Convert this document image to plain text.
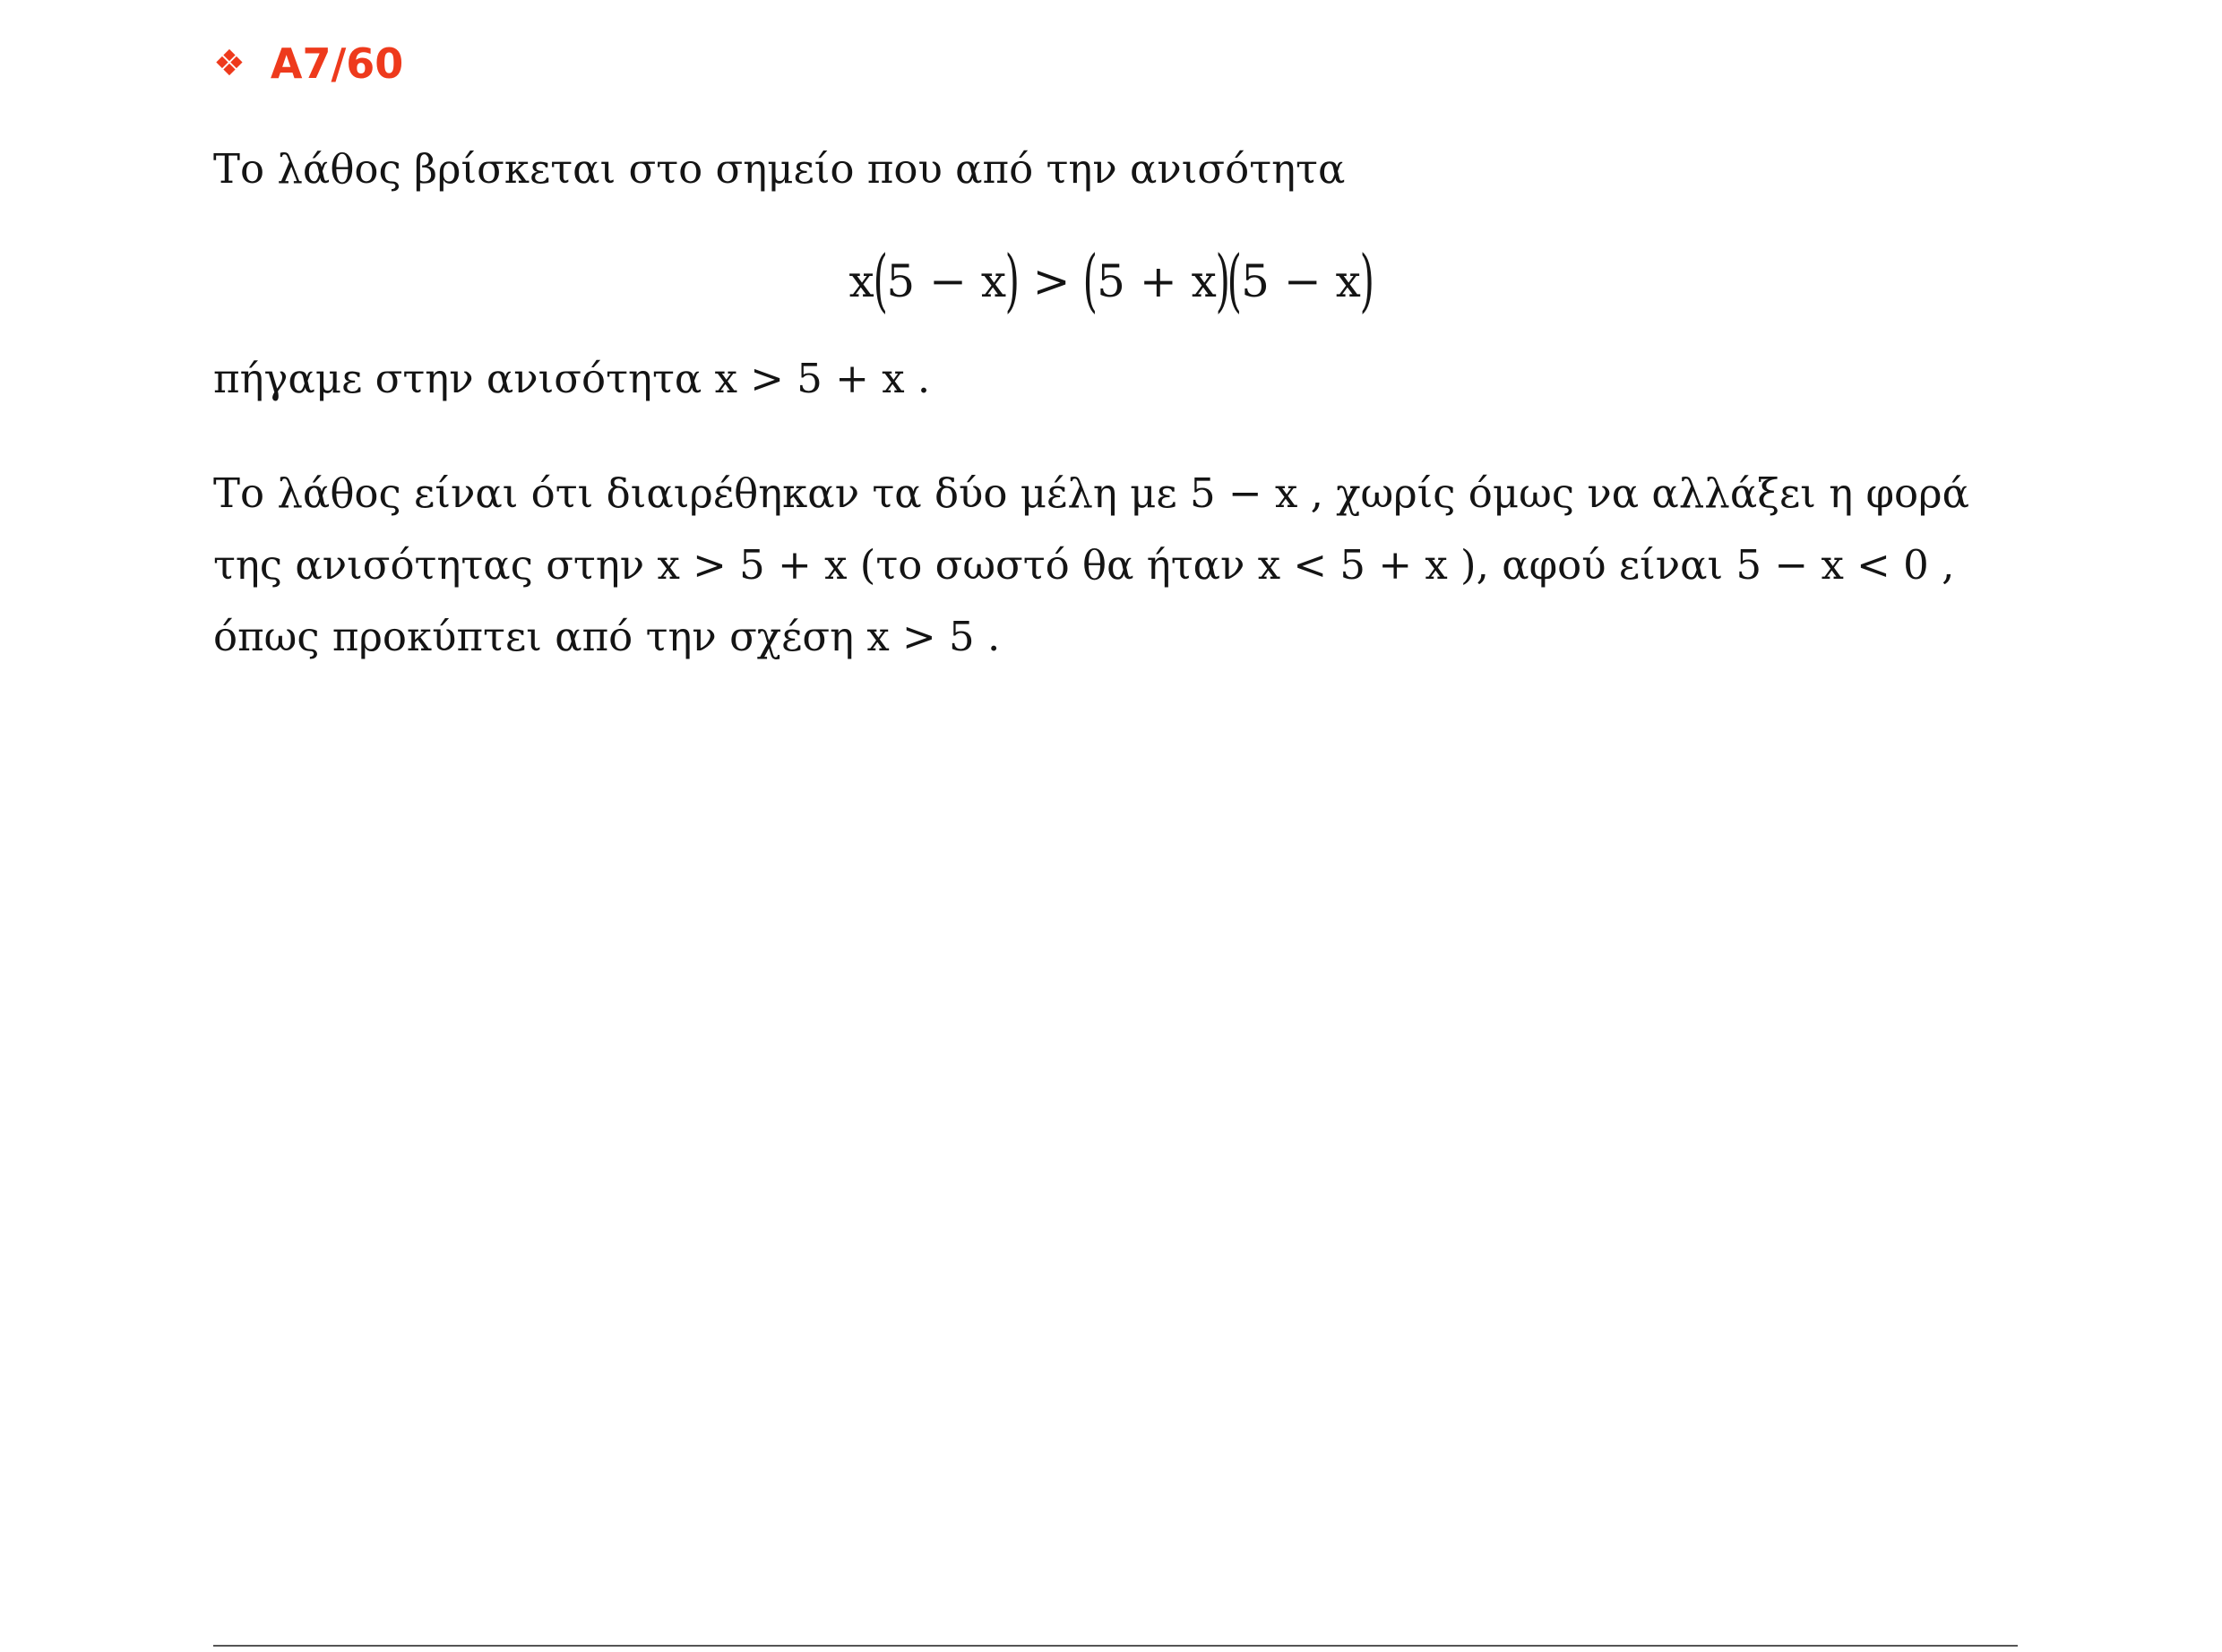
❖ A7/60
Το λάθος βρίσκεται στο σημείο που από την ανισότητα
x(5 − x) > (5 + x)(5 − x)
πήγαμε στην ανισότητα x > 5 + x .
Το λάθος είναι ότι διαιρέθηκαν τα δύο μέλη με 5 − x , χωρίς όμως να αλλάξει η φορά
της ανισότητας στην x > 5 + x (το σωστό θα ήταν x < 5 + x ), αφού είναι 5 − x < 0 ,
όπως προκύπτει από την σχέση x > 5 .
